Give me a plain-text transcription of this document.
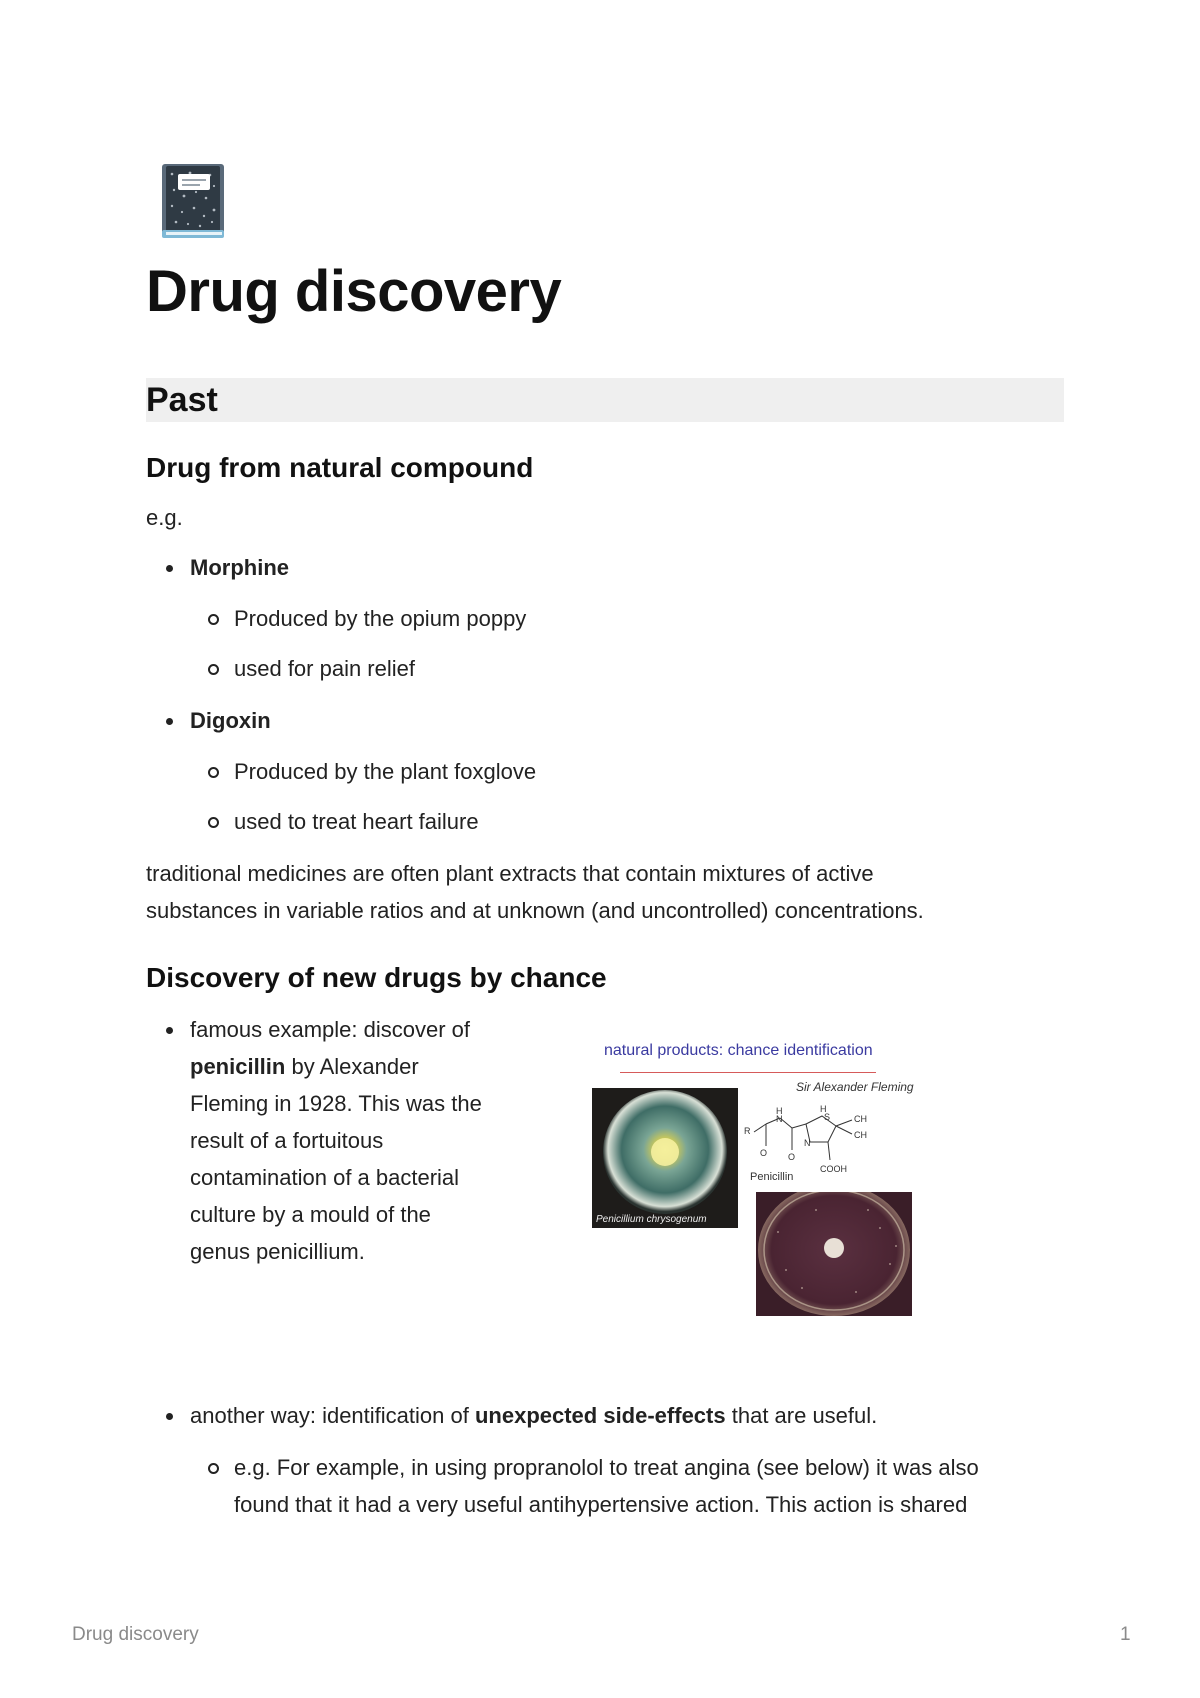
Drug discovery
Past
Drug from natural compound

e.g.

Morphine
Produced by the opium poppy
used for pain relief
Digoxin
Produced by the plant foxglove
used to treat heart failure

traditional medicines are often plant extracts that contain mixtures of active

substances in variable ratios and at unknown (and uncontrolled) concentrations.

Discovery of new drugs by chance
famous example: discover of
penicillin by Alexander
Fleming in 1928. This was the
result of a fortuitous
contamination of a bacterial
culture by a mould of the
genus penicillium.
natural products: chance identification
Sir Alexander Fleming
Penicillium chrysogenum
R
H
N
O O
H
S
N
CH
CH
Penicillin
COOH
another way: identification of unexpected side-effects that are useful.
e.g. For example, in using propranolol to treat angina (see below) it was also
found that it had a very useful antihypertensive action. This action is shared
Drug discovery	1
